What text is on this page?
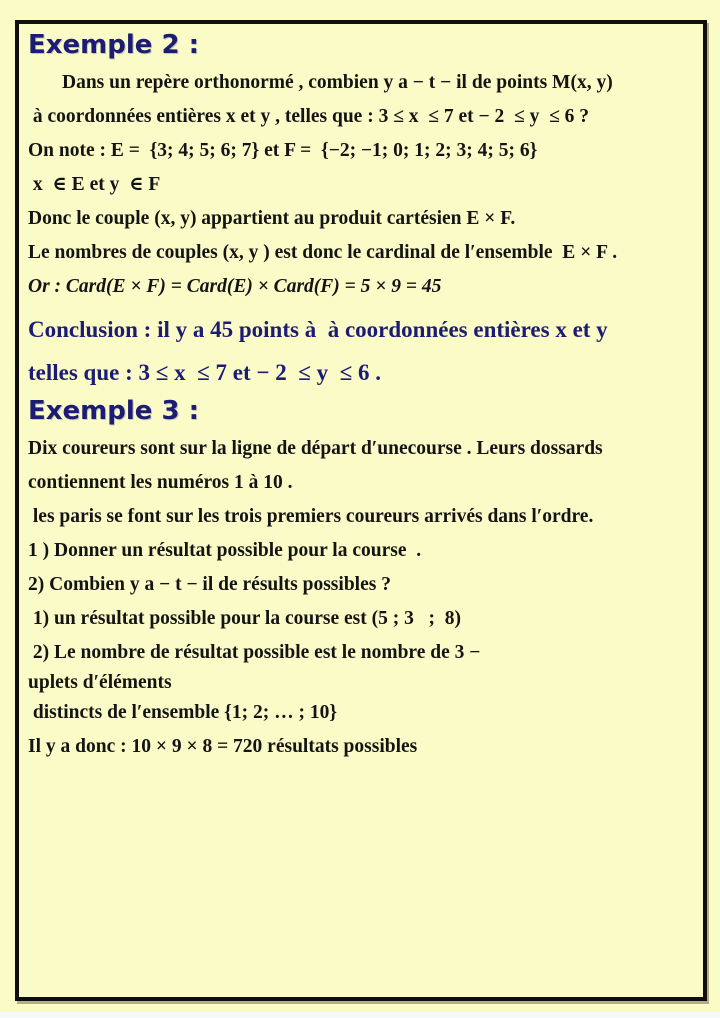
Exemple 2 :
Dans un repère orthonormé , combien y a − t − il de points M(x, y)
à coordonnées entières x et y , telles que : 3 ≤ x  ≤ 7 et − 2  ≤ y  ≤ 6 ?
On note : E =  {3; 4; 5; 6; 7} et F =  {−2; −1; 0; 1; 2; 3; 4; 5; 6}
x  ∈ E et y  ∈ F
Donc le couple (x, y) appartient au produit cartésien E × F.
Le nombres de couples (x, y ) est donc le cardinal de l′ensemble  E × F .
Or : Card(E × F) = Card(E) × Card(F) = 5 × 9 = 45
Conclusion : il y a 45 points à  à coordonnées entières x et y
telles que : 3 ≤ x  ≤ 7 et − 2  ≤ y  ≤ 6 .
Exemple 3 :
Dix coureurs sont sur la ligne de départ d′unecourse . Leurs dossards
contiennent les numéros 1 à 10 .
les paris se font sur les trois premiers coureurs arrivés dans l′ordre.
1 ) Donner un résultat possible pour la course  .
2) Combien y a − t − il de résults possibles ?
1) un résultat possible pour la course est (5 ; 3   ;  8)
2) Le nombre de résultat possible est le nombre de 3 −
uplets d′éléments
distincts de l′ensemble {1; 2; … ; 10}
Il y a donc : 10 × 9 × 8 = 720 résultats possibles
